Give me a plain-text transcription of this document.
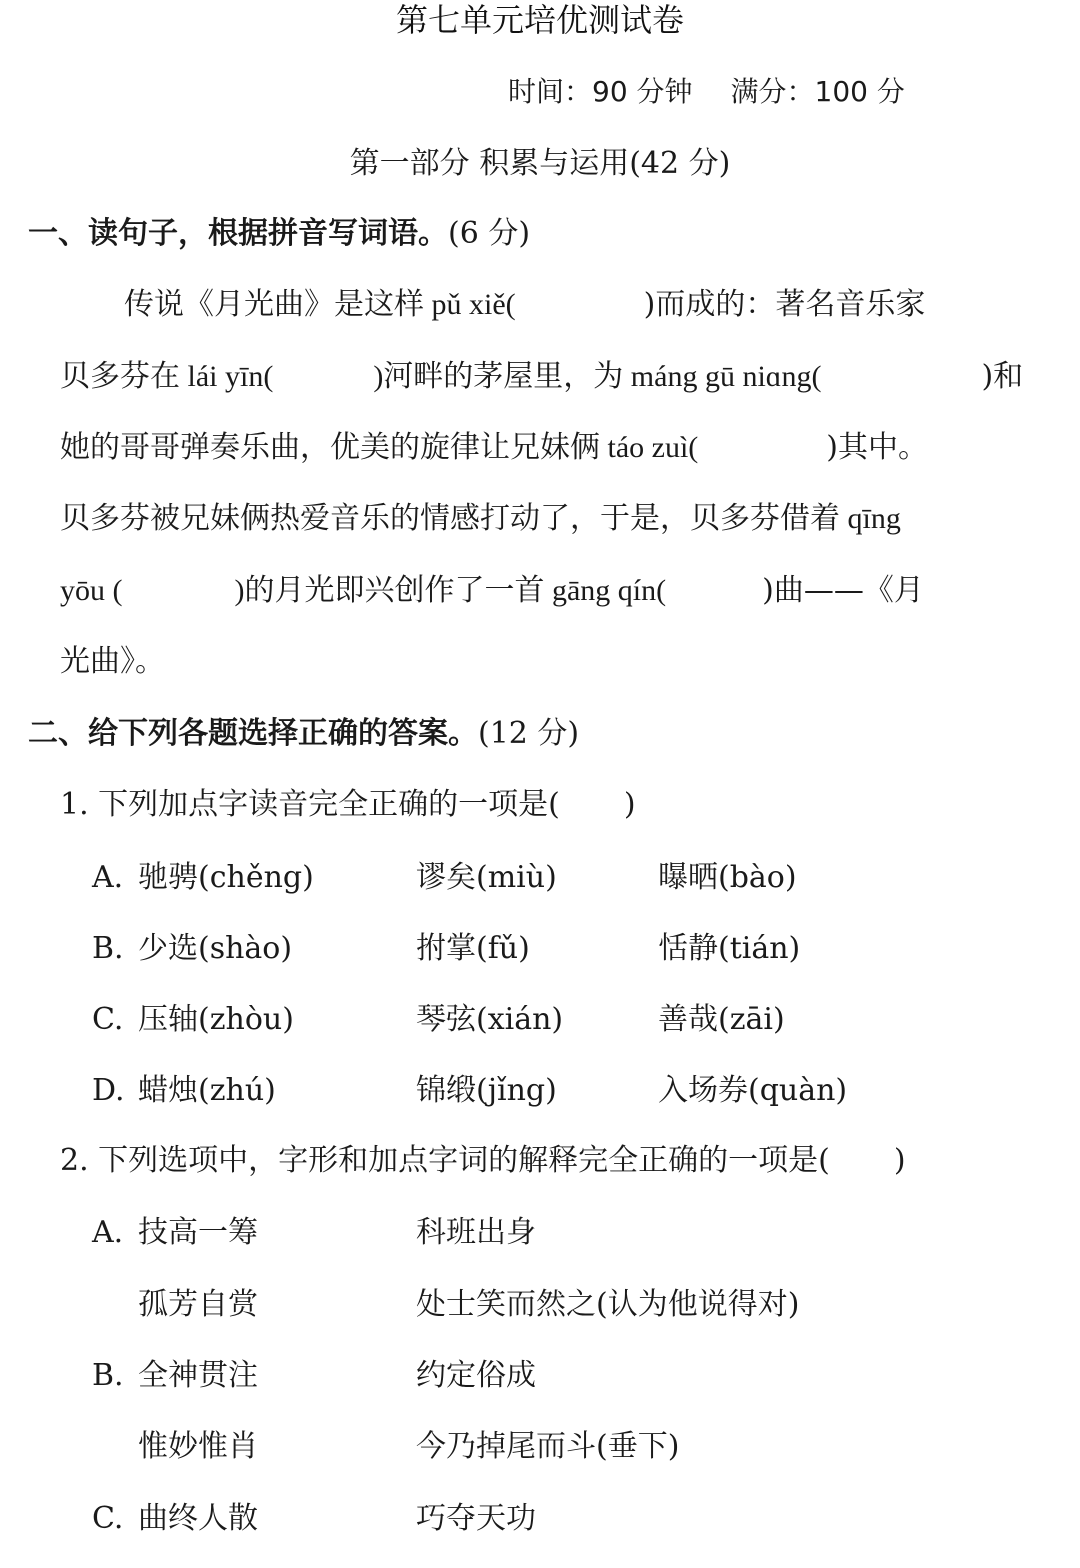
第七单元培优测试卷
时间：90 分钟 满分：100 分
第一部分 积累与运用(42 分)
一、读句子，根据拼音写词语。(6 分)
传说《月光曲》是这样 pǔ xiě(	)而成的：著名音乐家
贝多芬在 lái yīn(	)河畔的茅屋里，为 máng gū niɑng(	)和
她的哥哥弹奏乐曲，优美的旋律让兄妹俩 táo zuì(	)其中。
贝多芬被兄妹俩热爱音乐的情感打动了，于是，贝多芬借着 qīng
yōu (	)的月光即兴创作了一首 gāng qín(	)曲——《月
光曲》。
二、给下列各题选择正确的答案。(12 分)
1. 下列加点字读音完全正确的一项是( )
A. 驰骋(chěng)	谬矣(miù)	曝晒(bào)
B. 少选(shào)	拊掌(fǔ)	恬静(tián)
C. 压轴(zhòu)	琴弦(xián)	善哉(zāi)
D. 蜡烛(zhú)	锦缎(jǐng)	入场券(quàn)
2. 下列选项中，字形和加点字词的解释完全正确的一项是( )
A. 技高一筹	科班出身
孤芳自赏	处士笑而然之(认为他说得对)
B. 全神贯注	约定俗成
惟妙惟肖	今乃掉尾而斗(垂下)
C. 曲终人散	巧夺天功
